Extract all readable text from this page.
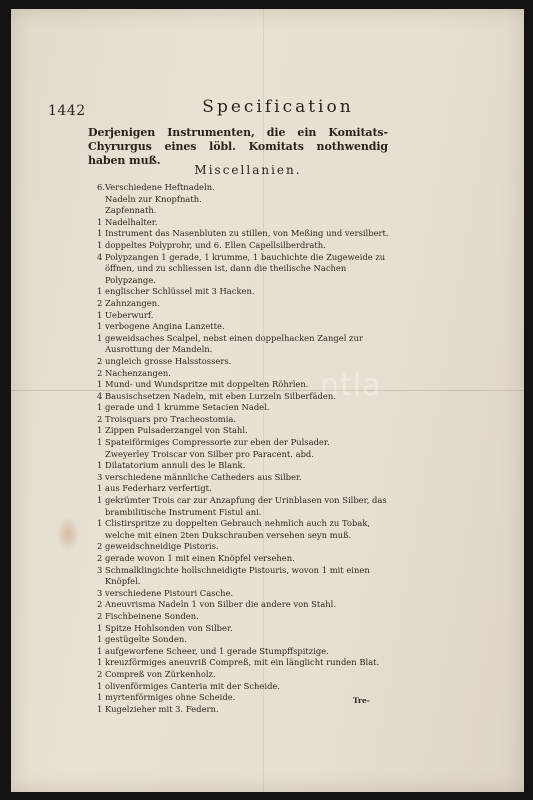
1442	Specification
Derjenigen Instrumenten, die ein Komitats-Chyrurgus eines löbl. Komitats nothwendig haben muß.
Miscellanien.
6. Verschiedene Heftnadeln.
Nadeln zur Knopfnath.
Zapfennath.
1 Nadelhalter.
1 Instrument das Nasenbluten zu stillen, von Meßing und versilbert.
1 doppeltes Polyprohr, und 6. Ellen Capellsilberdrath.
4 Polypzangen 1 gerade, 1 krumme, 1 bauchichte die Zugeweide zu öffnen, und zu schliessen ist, dann die theilische Nachen Polypzange.
1 englischer Schlüssel mit 3 Hacken.
2 Zahnzangen.
1 Ueberwurf.
1 verbogene Angina Lanzette.
1 geweidsaches Scalpel, nebst einen doppelhacken Zangel zur Ausrottung der Mandeln.
2 ungleich grosse Halsstossers.
2 Nachenzangen.
1 Mund- und Wundspritze mit doppelten Röhrlen.
4 Bausischsetzen Nadeln, mit eben Lurzeln Silberfäden.
1 gerade und 1 krumme Setacien Nadel.
2 Troisquars pro Tracheostomia.
1 Zippen Pulsaderzangel von Stahl.
1 Spateiförmiges Compressorie zur eben der Pulsader.
Zweyerley Troiscar von Silber pro Paracent. abd.
1 Dilatatorium annuli des le Blank.
3 verschiedene männliche Catheders aus Silber.
1 aus Federharz verfertigt.
1 gekrümter Trois car zur Anzapfung der Urinblasen von Silber, das brambilitische Instrument Fistul ani.
1 Clistirspritze zu doppelten Gebrauch nehmlich auch zu Tobak, welche mit einen 2ten Dukschrauben versehen seyn muß.
2 geweidschneidige Pistoris.
2 gerade wovon 1 mit einen Knöpfel versehen.
3 Schmalklingichte hollschneidigte Pistouris, wovon 1 mit einen Knöpfel.
3 verschiedene Pistouri Casche.
2 Aneuvrisma Nadeln 1 von Silber die andere von Stahl.
2 Fischbeinene Sonden.
1 Spitze Hohlsonden von Silber.
1 gestügelte Sonden.
1 aufgeworfene Scheer, und 1 gerade Stumpffspitzige.
1 kreuzförmiges aneuvriß Compreß, mit ein länglicht runden Blat.
2 Compreß von Zürkenholz.
1 olivenförmiges Canteria mit der Scheide.
1 myrtenförmiges ohne Scheide.
1 Kugelzieher mit 3. Federn.
Tre-
ntla
